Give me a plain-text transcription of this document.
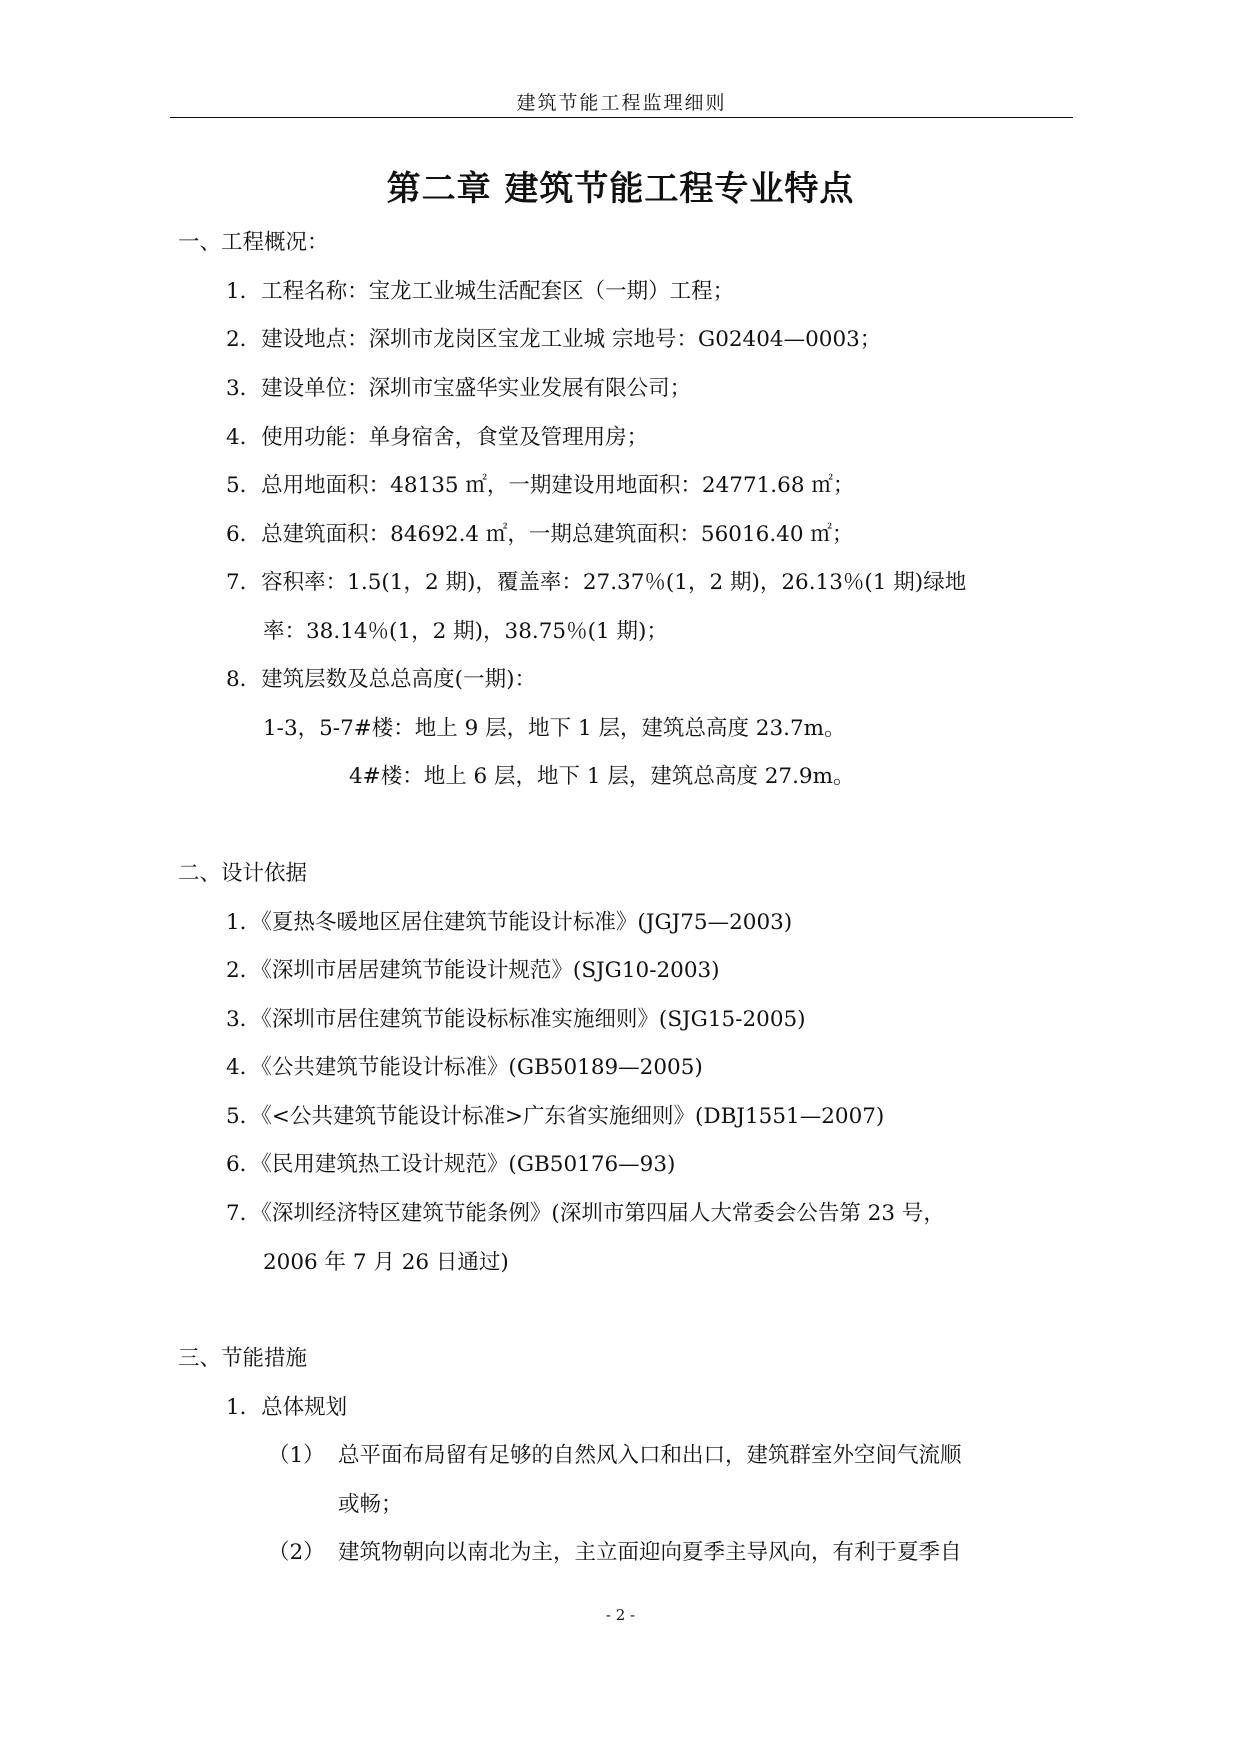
建筑节能工程监理细则
第二章 建筑节能工程专业特点
一、工程概况：
1．工程名称：宝龙工业城生活配套区（一期）工程；
2．建设地点：深圳市龙岗区宝龙工业城 宗地号：G02404—0003；
3．建设单位：深圳市宝盛华实业发展有限公司；
4．使用功能：单身宿舍，食堂及管理用房；
5．总用地面积：48135 ㎡，一期建设用地面积：24771.68 ㎡；
6．总建筑面积：84692.4 ㎡，一期总建筑面积：56016.40 ㎡；
7．容积率：1.5(1，2 期)，覆盖率：27.37％(1，2 期)，26.13％(1 期)绿地
率：38.14％(1，2 期)，38.75％(1 期)；
8．建筑层数及总总高度(一期)：
1-3，5-7#楼：地上 9 层，地下 1 层，建筑总高度 23.7m。
4#楼：地上 6 层，地下 1 层，建筑总高度 27.9m。
二、设计依据
1．《夏热冬暖地区居住建筑节能设计标准》(JGJ75—2003)
2．《深圳市居居建筑节能设计规范》(SJG10-2003)
3．《深圳市居住建筑节能设标标准实施细则》(SJG15-2005)
4．《公共建筑节能设计标准》(GB50189—2005)
5．《<公共建筑节能设计标准>广东省实施细则》(DBJ1551—2007)
6．《民用建筑热工设计规范》(GB50176—93)
7．《深圳经济特区建筑节能条例》(深圳市第四届人大常委会公告第 23 号，
2006 年 7 月 26 日通过)
三、节能措施
1．总体规划
（1） 总平面布局留有足够的自然风入口和出口，建筑群室外空间气流顺
或畅；
（2） 建筑物朝向以南北为主，主立面迎向夏季主导风向，有利于夏季自
- 2 -
